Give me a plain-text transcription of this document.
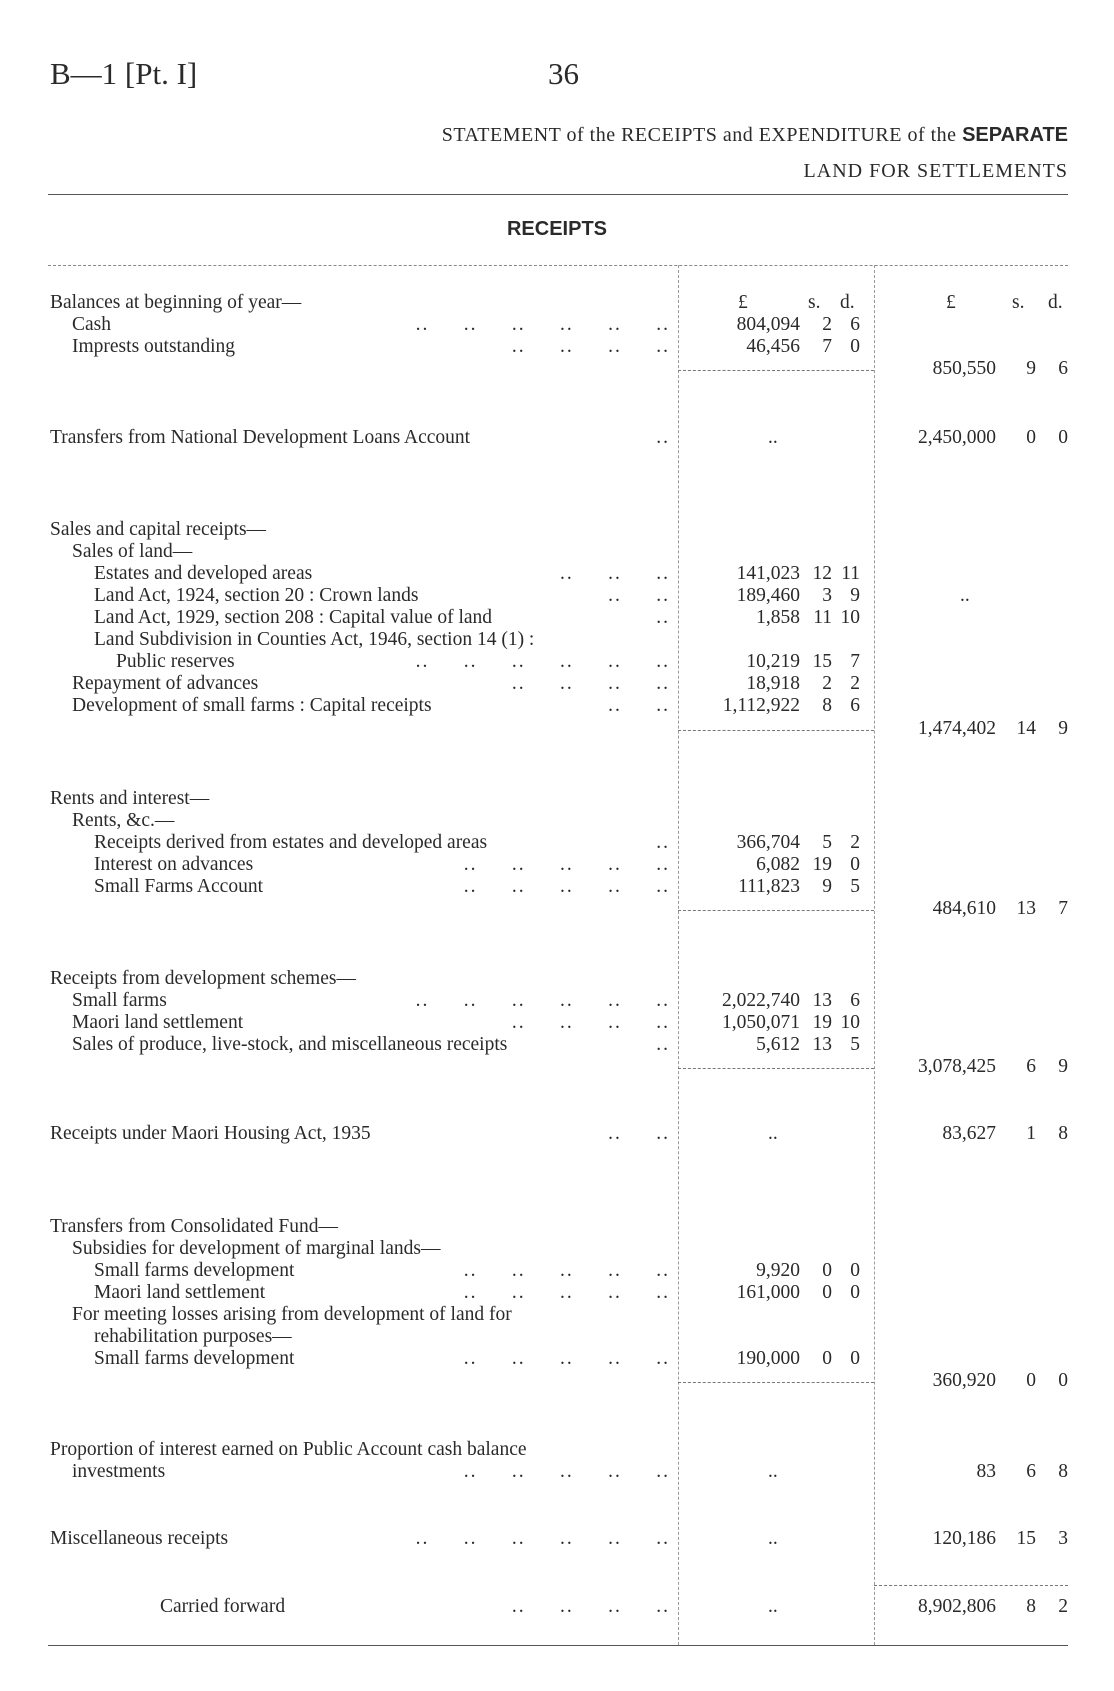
B—1 [Pt. I]	36
STATEMENT of the RECEIPTS and EXPENDITURE of the SEPARATE
LAND FOR SETTLEMENTS
RECEIPTS
£	s. d.	£	s. d.
Balances at beginning of year—
Cash	..     ..     ..     ..     ..     ..	804,094	2 6
Imprests outstanding	..     ..     ..     ..	46,456	7 0
850,550	9	6
Transfers from National Development Loans Account	..	..	2,450,000	0	0
Sales and capital receipts—
Sales of land—
Estates and developed areas	..     ..     ..	141,023 12 11
Land Act, 1924, section 20 : Crown lands	..     ..	189,460	3 9	..
Land Act, 1929, section 208 : Capital value of land	..	1,858 11 10
Land Subdivision in Counties Act, 1946, section 14 (1) :
Public reserves	..     ..     ..     ..     ..     ..	10,219 15 7
Repayment of advances	..     ..     ..     ..	18,918	2 2
Development of small farms : Capital receipts	..     ..	1,112,922	8 6
1,474,402	14	9
Rents and interest—
Rents, &c.—
Receipts derived from estates and developed areas	..	366,704	5 2
Interest on advances	..     ..     ..     ..     ..	6,082 19 0
Small Farms Account	..     ..     ..     ..     ..	111,823	9 5
484,610	13	7
Receipts from development schemes—
Small farms	..     ..     ..     ..     ..     ..	2,022,740 13 6
Maori land settlement	..     ..     ..     ..	1,050,071 19 10
Sales of produce, live-stock, and miscellaneous receipts	..	5,612 13 5
3,078,425	6	9
Receipts under Maori Housing Act, 1935	..     ..	..	83,627	1	8
Transfers from Consolidated Fund—
Subsidies for development of marginal lands—
Small farms development	..     ..     ..     ..     ..	9,920	0 0
Maori land settlement	..     ..     ..     ..     ..	161,000	0 0
For meeting losses arising from development of land for
rehabilitation purposes—
Small farms development	..     ..     ..     ..     ..	190,000	0 0
360,920	0	0
Proportion of interest earned on Public Account cash balance
investments	..     ..     ..     ..     ..	..	83	6	8
Miscellaneous receipts	..     ..     ..     ..     ..     ..	..	120,186	15	3
Carried forward	..     ..     ..     ..	..	8,902,806	8	2
